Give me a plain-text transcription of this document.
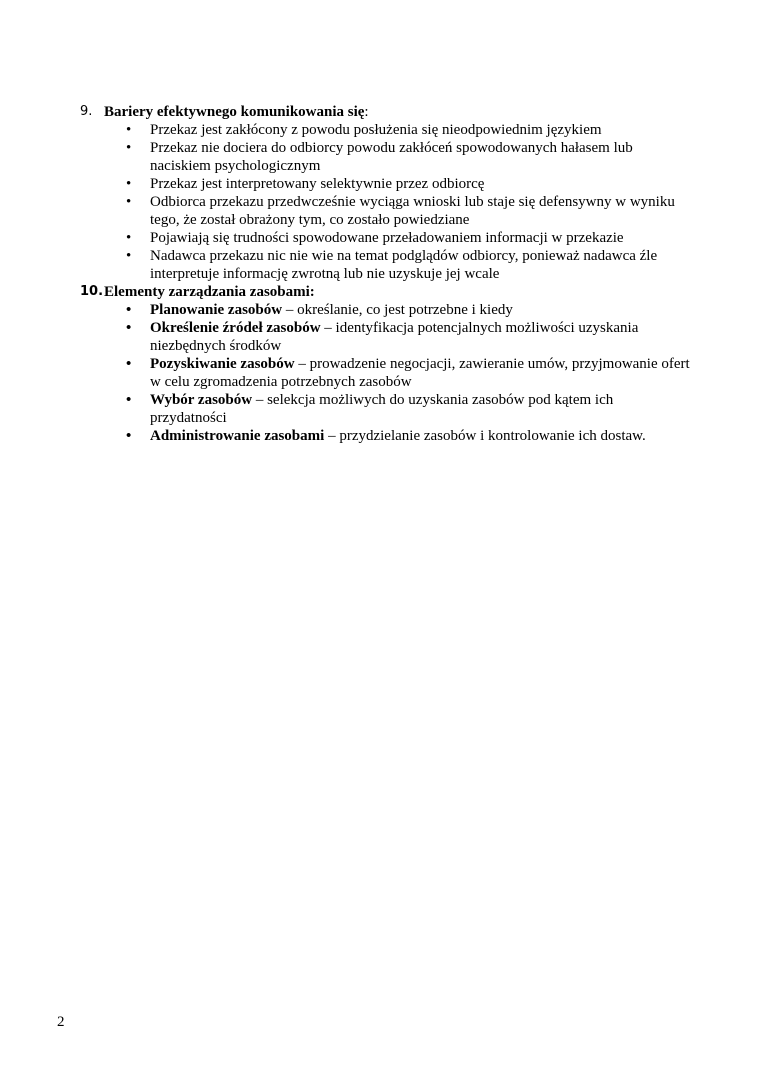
9. Bariery efektywnego komunikowania się :
• Przekaz jest zakłócony z powodu posłużenia się nieodpowiednim językiem
• Przekaz nie dociera do odbiorcy powodu zakłóceń spowodowanych hałasem lub naciskiem psychologicznym
• Przekaz jest interpretowany selektywnie przez odbiorcę
• Odbiorca przekazu przedwcześnie wyciąga wnioski lub staje się defensywny w wyniku tego, że został obrażony tym, co zostało powiedziane
• Pojawiają się trudności spowodowane przeładowaniem informacji w przekazie
• Nadawca przekazu nic nie wie na temat podglądów odbiorcy, ponieważ nadawca źle interpretuje informację zwrotną lub nie uzyskuje jej wcale
10. Elementy zarządzania zasobami:
• Planowanie zasobów – określanie, co jest potrzebne i kiedy
• Określenie źródeł zasobów – identyfikacja potencjalnych możliwości uzyskania niezbędnych środków
• Pozyskiwanie zasobów – prowadzenie negocjacji, zawieranie umów, przyjmowanie ofert w celu zgromadzenia potrzebnych zasobów
• Wybór zasobów – selekcja możliwych do uzyskania zasobów pod kątem ich przydatności
• Administrowanie zasobami – przydzielanie zasobów i kontrolowanie ich dostaw.
2
